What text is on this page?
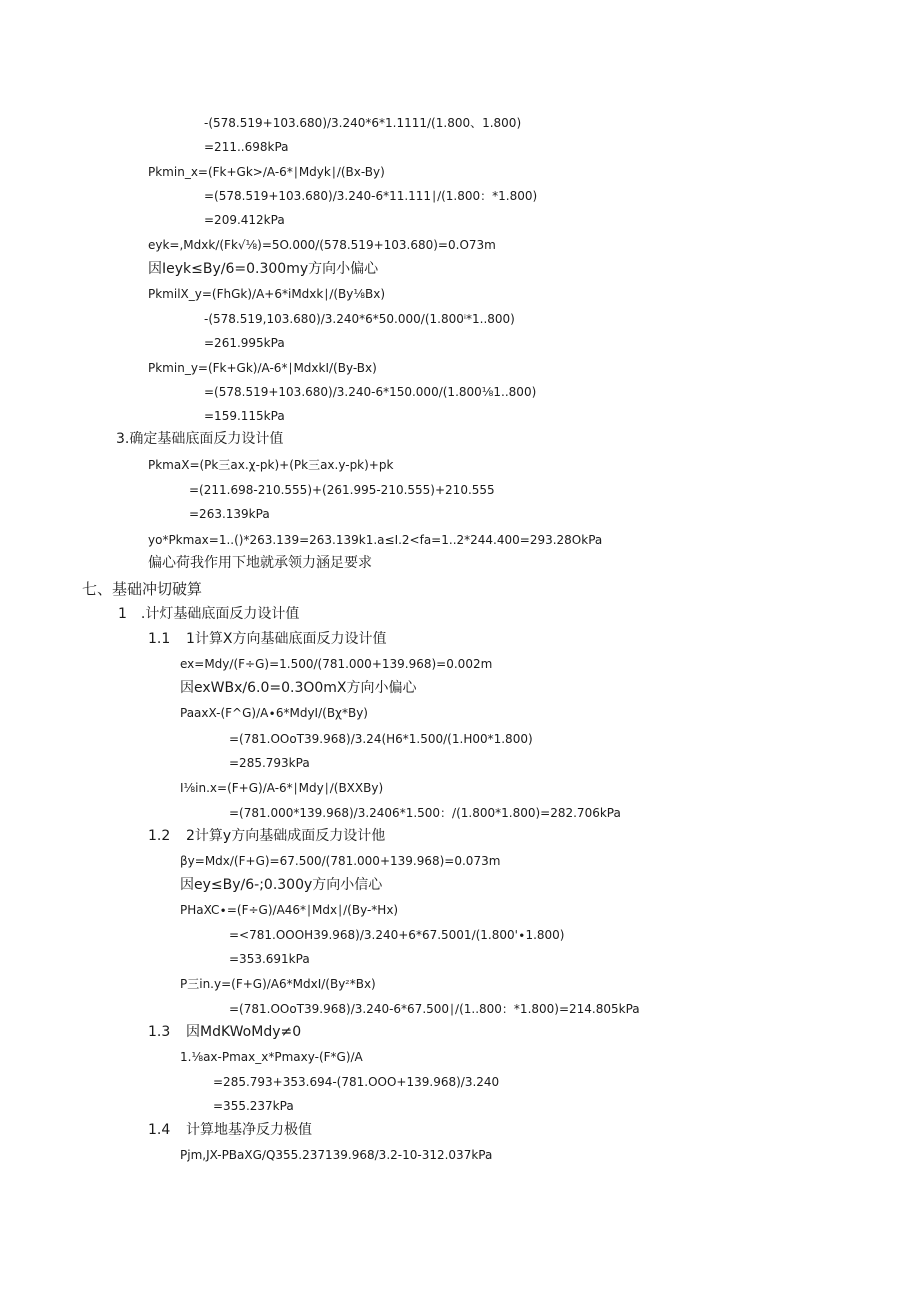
-(578.519+103.680)/3.240*6*1.1111∕(1.800、1.800)
=211..698kPa
Pkmin_x=(Fk+Gk>∕A-6*∣Mdyk∣∕(Bx-By)
=(578.519+103.680)/3.240-6*11.111∣∕(1.800：*1.800)
=209.412kPa
eyk=,Mdxk∕(Fk√⅛)=5O.000/(578.519+103.680)=0.O73m
因Ieyk≤By∕6=0.300my方向小偏心
PkmilX_y=(FhGk)∕A+6*iMdxk∣∕(By⅛Bx)
-(578.519,103.680)/3.240*6*50.000/(1.800ⁱ*1..800)
=261.995kPa
Pkmin_y=(Fk+Gk)∕A-6*∣MdxkI/(By-Bx)
=(578.519+103.680)/3.240-6*150.000/(1.800⅛1..800)
=159.115kPa
3.确定基础底面反力设计值
PkmaX=(Pk三ax.χ-pk)+(Pk三ax.y-pk)+pk
=(211.698-210.555)+(261.995-210.555)+210.555
=263.139kPa
yo*Pkmax=1..()*263.139=263.139k1.a≤I.2<fa=1..2*244.400=293.28OkPa
偏心荷我作用下地就承领力涵足要求
七、基础冲切破算
1　.计灯基础底面反力设计值
1.1 1计算X方向基础底面反力设计值
ex=Mdy∕(F÷G)=1.500/(781.000+139.968)=0.002m
因exWBx∕6.0=0.3O0mX方向小偏心
PaaxX-(F^G)∕A∙6*MdyI/(Bχ*By)
=(781.OOoT39.968)/3.24(H6*1.500/(1.H00*1.800)
=285.793kPa
I⅛in.x=(F+G)∕A-6*∣Mdy∣∕(BXXBy)
=(781.000*139.968)/3.2406*1.500：/(1.800*1.800)=282.706kPa
1.2 2计算y方向基础成面反力设计他
βy=Mdx∕(F+G)=67.500/(781.000+139.968)=0.073m
因ey≤By∕6-;0.300y方向小信心
PHaXC∙=(F÷G)∕A46*∣Mdx∣∕(By-*Hx)
=<781.OOOH39.968)/3.240+6*67.5001∕(1.800'∙1.800)
=353.691kPa
P三in.y=(F+G)∕A6*MdxI/(Byᶻ*Bx)
=(781.OOoT39.968)/3.240-6*67.500∣∕(1..800：*1.800)=214.805kPa
1.3 因MdKWoMdy≠0
1.⅛ax-Pmax_x*Pmaxy-(F*G)∕A
=285.793+353.694-(781.OOO+139.968)/3.240
=355.237kPa
1.4 计算地基净反力极值
Pjm,JX-PBaXG∕Q355.237139.968/3.2-10-312.037kPa
